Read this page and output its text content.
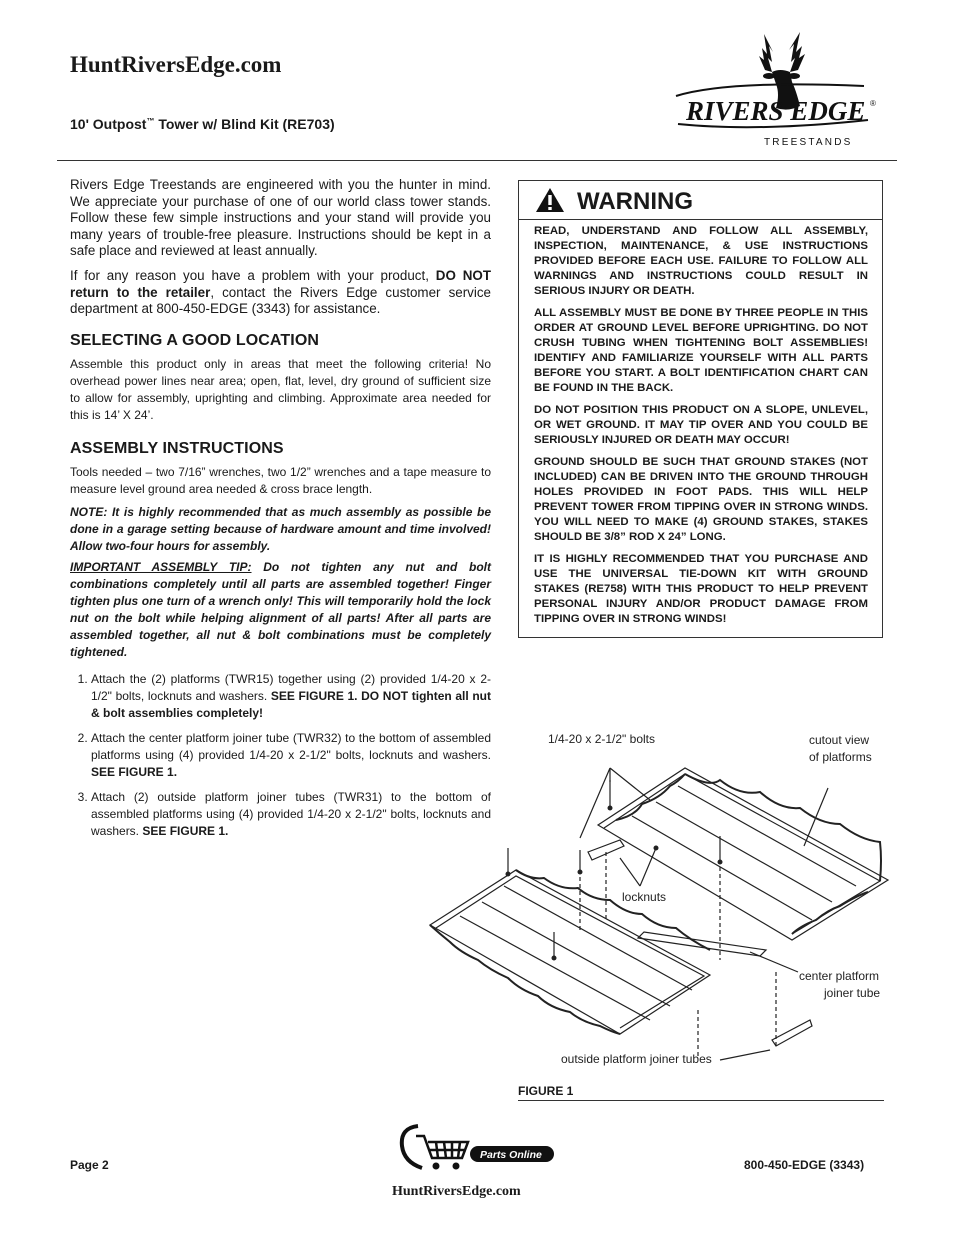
HuntRiversEdge.com
10' Outpost™ Tower w/ Blind Kit (RE703)	RIVERS EDGE ®
TREESTANDS

Rivers Edge Treestands are engineered with you the hunter in mind. We appreciate your purchase of one of our world class tower stands. Follow these few simple instructions and your stand will provide you many years of trouble-free pleasure. Instructions should be kept in a safe place and reviewed at least annually.

If for any reason you have a problem with your product, DO NOT return to the retailer, contact the Rivers Edge customer service department at 800-450-EDGE (3343) for assistance.

SELECTING A GOOD LOCATION

Assemble this product only in areas that meet the following criteria! No overhead power lines near area; open, flat, level, dry ground of sufficient size to allow for assembly, uprighting and climbing. Approximate area needed for this is 14’ X 24’.

ASSEMBLY INSTRUCTIONS

Tools needed – two 7/16” wrenches, two 1/2” wrenches and a tape measure to measure level ground area needed & cross brace length.

NOTE: It is highly recommended that as much assembly as possible be done in a garage setting because of hardware amount and time involved! Allow two-four hours for assembly.

IMPORTANT ASSEMBLY TIP: Do not tighten any nut and bolt combinations completely until all parts are assembled together! Finger tighten plus one turn of a wrench only! This will temporarily hold the lock nut on the bolt while helping alignment of all parts! After all parts are assembled together, all nut & bolt combinations must be completely tightened.

1. Attach the (2) platforms (TWR15) together using (2) provided 1/4-20 x 2-1/2" bolts, locknuts and washers. SEE FIGURE 1. DO NOT tighten all nut & bolt assemblies completely!
2. Attach the center platform joiner tube (TWR32) to the bottom of assembled platforms using (4) provided 1/4-20 x 2-1/2" bolts, locknuts and washers. SEE FIGURE 1.
3. Attach (2) outside platform joiner tubes (TWR31) to the bottom of assembled platforms using (4) provided 1/4-20 x 2-1/2" bolts, locknuts and washers. SEE FIGURE 1.
WARNING

READ, UNDERSTAND AND FOLLOW ALL ASSEMBLY, INSPECTION, MAINTENANCE, & USE INSTRUCTIONS PROVIDED BEFORE EACH USE. FAILURE TO FOLLOW ALL WARNINGS AND INSTRUCTIONS COULD RESULT IN SERIOUS INJURY OR DEATH.

ALL ASSEMBLY MUST BE DONE BY THREE PEOPLE IN THIS ORDER AT GROUND LEVEL BEFORE UPRIGHTING. DO NOT CRUSH TUBING WHEN TIGHTENING BOLT ASSEMBLIES! IDENTIFY AND FAMILIARIZE YOURSELF WITH ALL PARTS BEFORE YOU START. A BOLT IDENTIFICATION CHART CAN BE FOUND IN THE BACK.

DO NOT POSITION THIS PRODUCT ON A SLOPE, UNLEVEL, OR WET GROUND. IT MAY TIP OVER AND YOU COULD BE SERIOUSLY INJURED OR DEATH MAY OCCUR!

GROUND SHOULD BE SUCH THAT GROUND STAKES (NOT INCLUDED) CAN BE DRIVEN INTO THE GROUND THROUGH HOLES PROVIDED IN FOOT PADS. THIS WILL HELP PREVENT TOWER FROM TIPPING OVER IN STRONG WINDS. YOU WILL NEED TO MAKE (4) GROUND STAKES, STAKES SHOULD BE 3/8” ROD X 24” LONG.

IT IS HIGHLY RECOMMENDED THAT YOU PURCHASE AND USE THE UNIVERSAL TIE-DOWN KIT WITH GROUND STAKES (RE758) WITH THIS PRODUCT TO HELP PREVENT PERSONAL INJURY AND/OR PRODUCT DAMAGE FROM TIPPING OVER IN STRONG WINDS!

1/4-20 x 2-1/2" bolts	cutout view
of platforms
locknuts
center platform
joiner tube
outside platform joiner tubes
FIGURE 1
Page 2	800-450-EDGE (3343)
Parts Online
HuntRiversEdge.com
